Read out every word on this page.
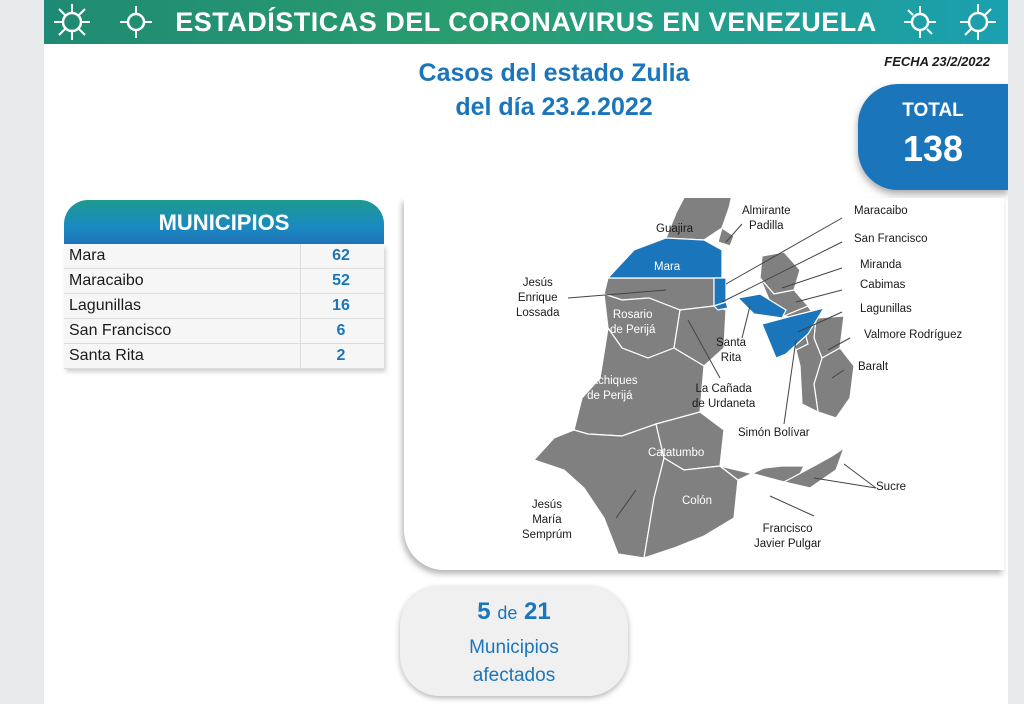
ESTADÍSTICAS DEL CORONAVIRUS EN VENEZUELA
FECHA 23/2/2022
Casos del estado Zulia
del día 23.2.2022	TOTAL
138
MUNICIPIOS
Mara	62
Maracaibo	52
Lagunillas	16
San Francisco	6
Santa Rita	2
Guajira
Mara
Almirante
Padilla
Jesús
Enrique
Lossada	Rosario
de Perijá
Santa
Rita
La Cañada
de Urdaneta
Machiques
de Perijá
Simón Bolívar
Catatumbo
Colón
Jesús
María
Semprúm	Francisco
Javier Pulgar
Sucre
Maracaibo
San Francisco
Miranda
Cabimas
Lagunillas
Valmore Rodríguez
Baralt
5 de 21
Municipios
afectados
